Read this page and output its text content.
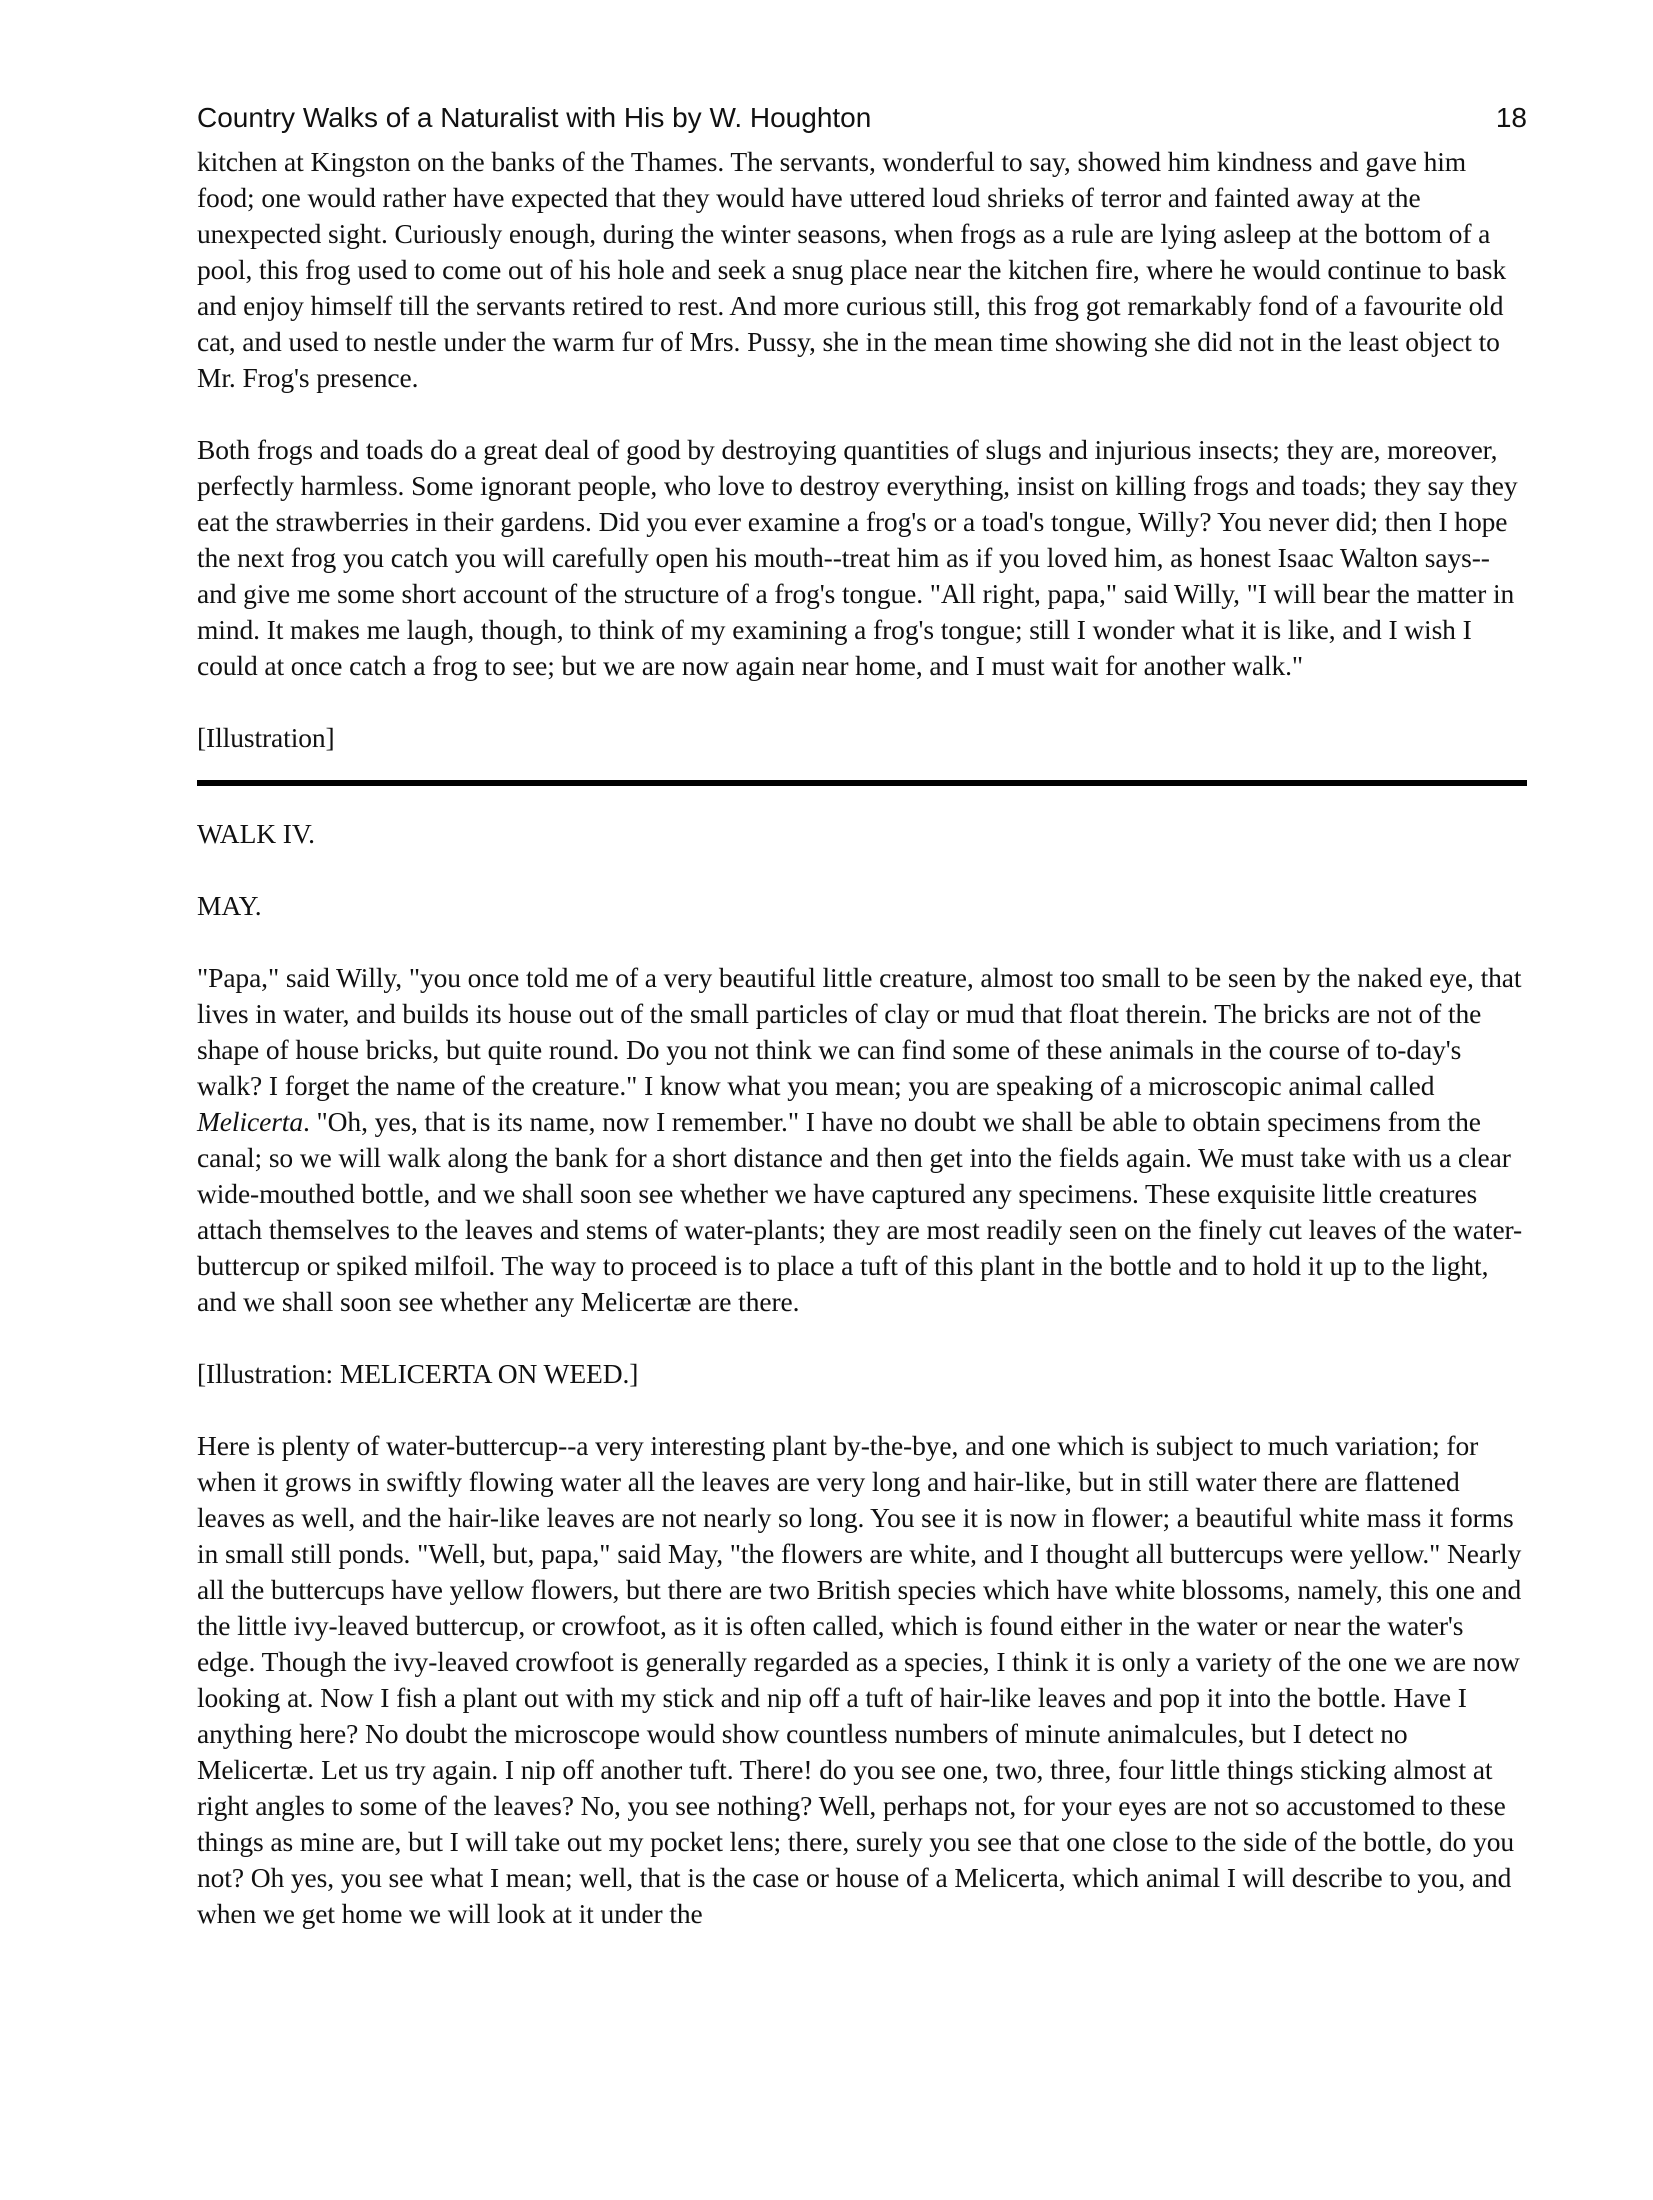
Country Walks of a Naturalist with His by W. Houghton	18

kitchen at Kingston on the banks of the Thames. The servants, wonderful to say, showed him kindness and gave him food; one would rather have expected that they would have uttered loud shrieks of terror and fainted away at the unexpected sight. Curiously enough, during the winter seasons, when frogs as a rule are lying asleep at the bottom of a pool, this frog used to come out of his hole and seek a snug place near the kitchen fire, where he would continue to bask and enjoy himself till the servants retired to rest. And more curious still, this frog got remarkably fond of a favourite old cat, and used to nestle under the warm fur of Mrs. Pussy, she in the mean time showing she did not in the least object to Mr. Frog's presence.

Both frogs and toads do a great deal of good by destroying quantities of slugs and injurious insects; they are, moreover, perfectly harmless. Some ignorant people, who love to destroy everything, insist on killing frogs and toads; they say they eat the strawberries in their gardens. Did you ever examine a frog's or a toad's tongue, Willy? You never did; then I hope the next frog you catch you will carefully open his mouth--treat him as if you loved him, as honest Isaac Walton says--and give me some short account of the structure of a frog's tongue. "All right, papa," said Willy, "I will bear the matter in mind. It makes me laugh, though, to think of my examining a frog's tongue; still I wonder what it is like, and I wish I could at once catch a frog to see; but we are now again near home, and I must wait for another walk."

[Illustration]

WALK IV.

MAY.

"Papa," said Willy, "you once told me of a very beautiful little creature, almost too small to be seen by the naked eye, that lives in water, and builds its house out of the small particles of clay or mud that float therein. The bricks are not of the shape of house bricks, but quite round. Do you not think we can find some of these animals in the course of to-day's walk? I forget the name of the creature." I know what you mean; you are speaking of a microscopic animal called Melicerta. "Oh, yes, that is its name, now I remember." I have no doubt we shall be able to obtain specimens from the canal; so we will walk along the bank for a short distance and then get into the fields again. We must take with us a clear wide-mouthed bottle, and we shall soon see whether we have captured any specimens. These exquisite little creatures attach themselves to the leaves and stems of water-plants; they are most readily seen on the finely cut leaves of the water-buttercup or spiked milfoil. The way to proceed is to place a tuft of this plant in the bottle and to hold it up to the light, and we shall soon see whether any Melicertæ are there.

[Illustration: MELICERTA ON WEED.]

Here is plenty of water-buttercup--a very interesting plant by-the-bye, and one which is subject to much variation; for when it grows in swiftly flowing water all the leaves are very long and hair-like, but in still water there are flattened leaves as well, and the hair-like leaves are not nearly so long. You see it is now in flower; a beautiful white mass it forms in small still ponds. "Well, but, papa," said May, "the flowers are white, and I thought all buttercups were yellow." Nearly all the buttercups have yellow flowers, but there are two British species which have white blossoms, namely, this one and the little ivy-leaved buttercup, or crowfoot, as it is often called, which is found either in the water or near the water's edge. Though the ivy-leaved crowfoot is generally regarded as a species, I think it is only a variety of the one we are now looking at. Now I fish a plant out with my stick and nip off a tuft of hair-like leaves and pop it into the bottle. Have I anything here? No doubt the microscope would show countless numbers of minute animalcules, but I detect no Melicertæ. Let us try again. I nip off another tuft. There! do you see one, two, three, four little things sticking almost at right angles to some of the leaves? No, you see nothing? Well, perhaps not, for your eyes are not so accustomed to these things as mine are, but I will take out my pocket lens; there, surely you see that one close to the side of the bottle, do you not? Oh yes, you see what I mean; well, that is the case or house of a Melicerta, which animal I will describe to you, and when we get home we will look at it under the
